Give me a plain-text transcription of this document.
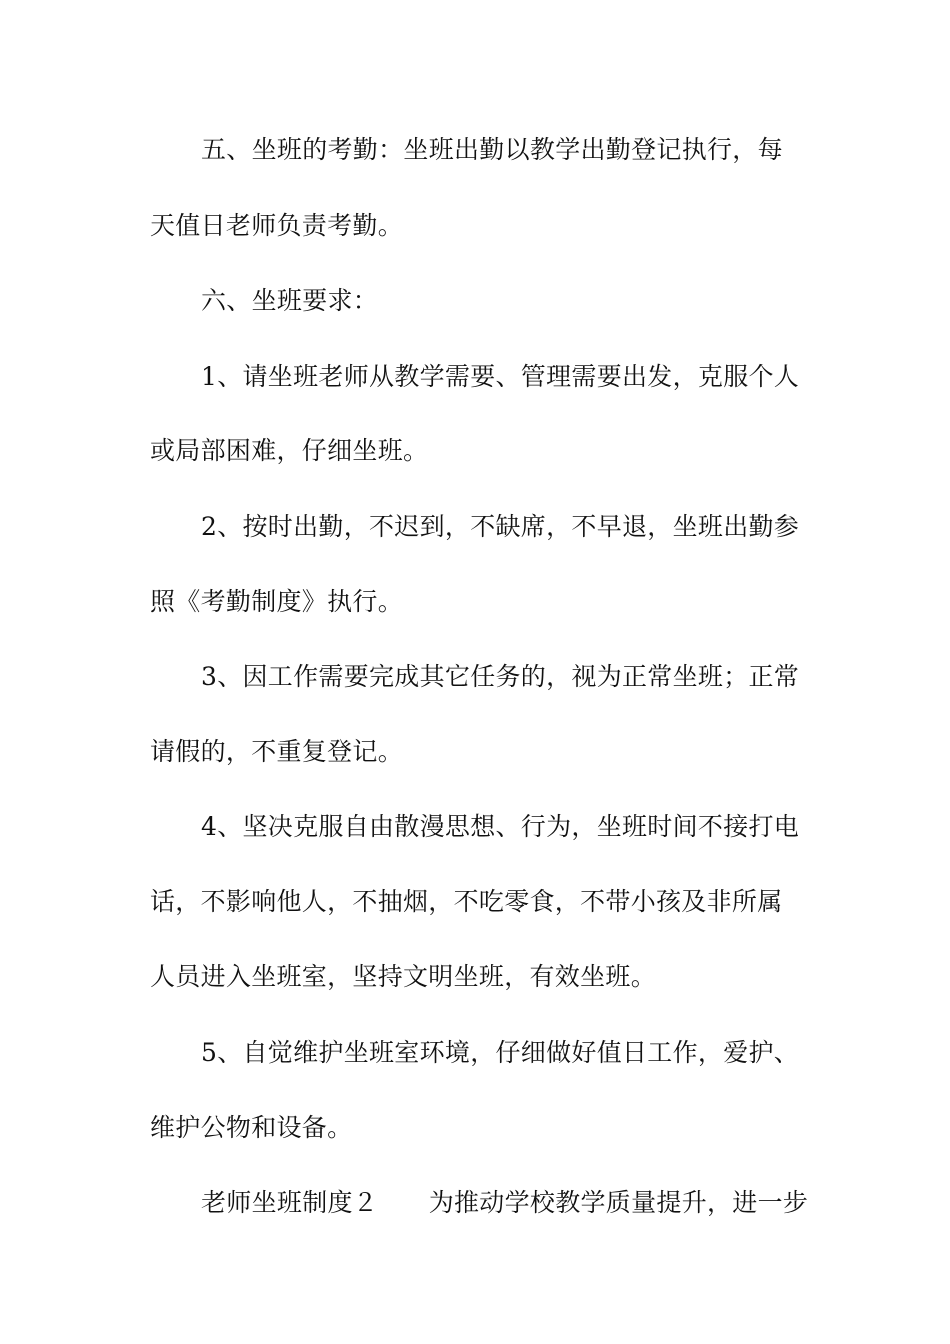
五、坐班的考勤：坐班出勤以教学出勤登记执行，每
天值日老师负责考勤。
六、坐班要求：
1、请坐班老师从教学需要、管理需要出发，克服个人
或局部困难，仔细坐班。
2、按时出勤，不迟到，不缺席，不早退，坐班出勤参
照《考勤制度》执行。
3、因工作需要完成其它任务的，视为正常坐班；正常
请假的，不重复登记。
4、坚决克服自由散漫思想、行为，坐班时间不接打电
话，不影响他人，不抽烟，不吃零食，不带小孩及非所属
人员进入坐班室，坚持文明坐班，有效坐班。
5、自觉维护坐班室环境，仔细做好值日工作，爱护、
维护公物和设备。
老师坐班制度２　　为推动学校教学质量提升，进一步
